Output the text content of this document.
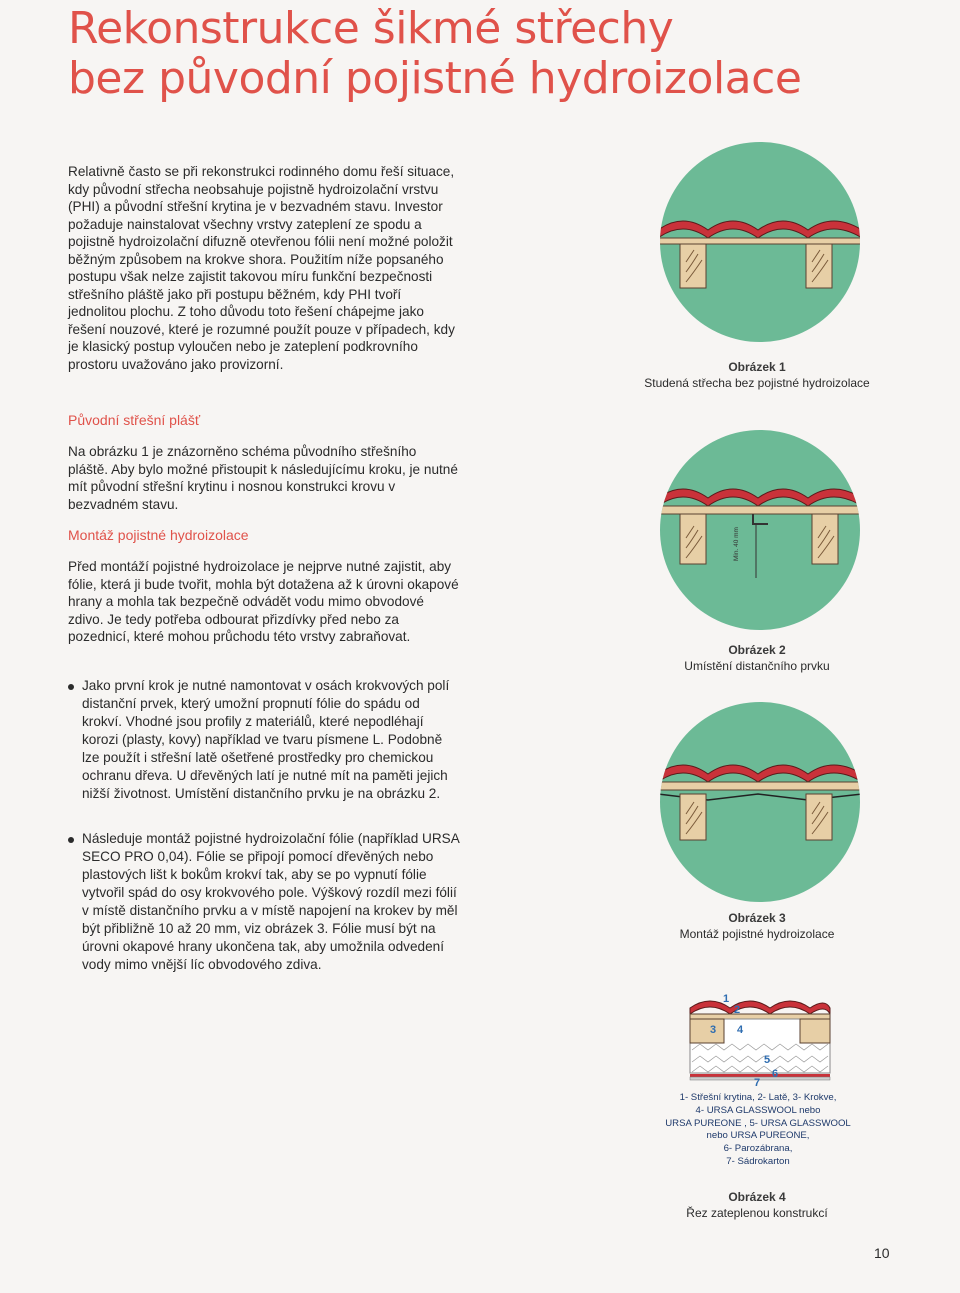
Rekonstrukce šikmé střechy
bez původní pojistné hydroizolace

Relativně často se při rekonstrukci rodinného domu řeší situace, kdy původní střecha neobsahuje pojistně hydroizolační vrstvu (PHI) a původní střešní krytina je v bezvadném stavu. Investor požaduje nainstalovat všechny vrstvy zateplení ze spodu a pojistně hydroizolační difuzně otevřenou fólii není možné položit běžným způsobem na krokve shora. Použitím níže popsaného postupu však nelze zajistit takovou míru funkční bezpečnosti střešního pláště jako při postupu běžném, kdy PHI tvoří jednolitou plochu. Z toho důvodu toto řešení chápejme jako řešení nouzové, které je rozumné použít pouze v případech, kdy je klasický postup vyloučen nebo je zateplení podkrovního prostoru uvažováno jako provizorní.

Původní střešní plášť

Na obrázku 1 je znázorněno schéma původního střešního pláště. Aby bylo možné přistoupit k následujícímu kroku, je nutné mít původní střešní krytinu i nosnou konstrukci krovu v bezvadném stavu.

Montáž pojistné hydroizolace

Před montáží pojistné hydroizolace je nejprve nutné zajistit, aby fólie, která ji bude tvořit, mohla být dotažena až k úrovni okapové hrany a mohla tak bezpečně odvádět vodu mimo obvodové zdivo. Je tedy potřeba odbourat přizdívky před nebo za pozednicí, které mohou průchodu této vrstvy zabraňovat.

Jako první krok je nutné namontovat v osách krokvových polí distanční prvek, který umožní propnutí fólie do spádu od krokví. Vhodné jsou profily z materiálů, které nepodléhají korozi (plasty, kovy) například ve tvaru písmene L. Podobně lze použít i střešní latě ošetřené prostředky pro chemickou ochranu dřeva. U dřevěných latí je nutné mít na paměti jejich nižší životnost. Umístění distančního prvku je na obrázku 2.
Následuje montáž pojistné hydroizolační fólie (například URSA SECO PRO 0,04). Fólie se připojí pomocí dřevěných nebo plastových lišt k bokům krokví tak, aby se po vypnutí fólie vytvořil spád do osy krokvového pole. Výškový rozdíl mezi fólií v místě distančního prvku a v místě napojení na krokev by měl být přibližně 10 až 20 mm, viz obrázek 3. Fólie musí být na úrovni okapové hrany ukončena tak, aby umožnila odvedení vody mimo vnější líc obvodového zdiva.
Obrázek 1
Studená střecha bez pojistné hydroizolace
Min. 40 mm
Obrázek 2
Umístění distančního prvku
Obrázek 3
Montáž pojistné hydroizolace
1
2
3 4
5
6
7
1- Střešní krytina, 2- Latě, 3- Krokve,
4- URSA GLASSWOOL nebo
URSA PUREONE , 5- URSA GLASSWOOL
nebo URSA PUREONE,
6- Parozábrana,
7- Sádrokarton
Obrázek 4
Řez zateplenou konstrukcí
10
